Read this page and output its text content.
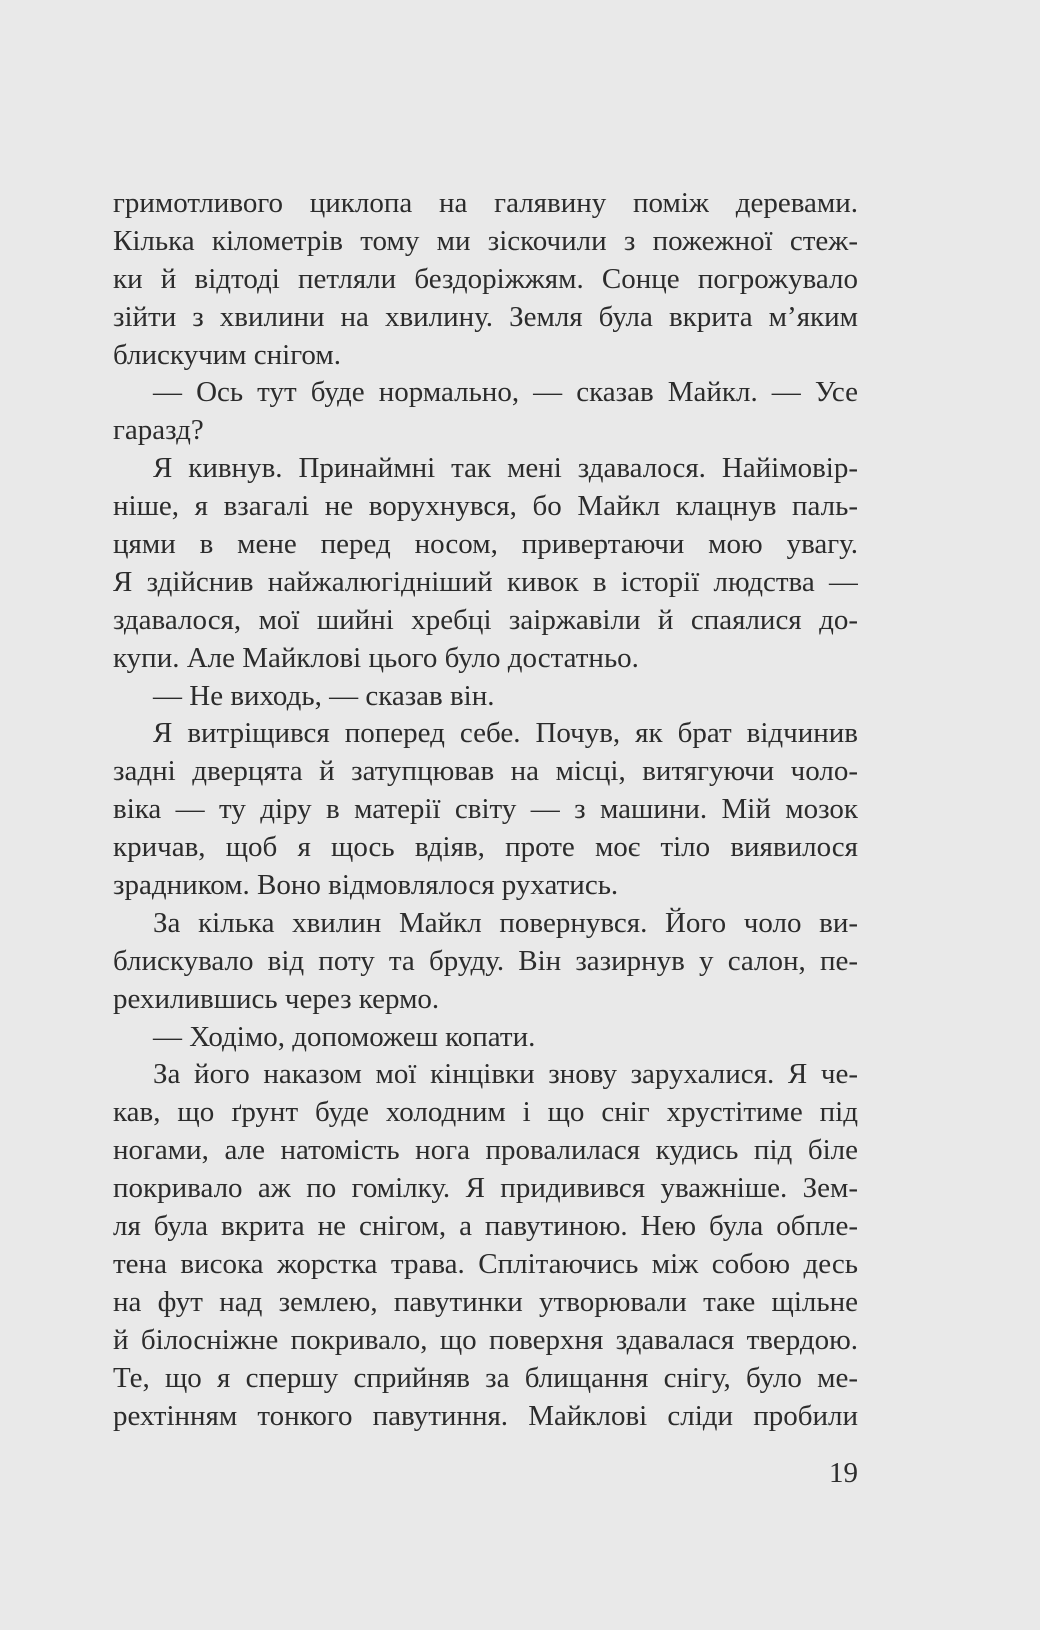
гримотливого циклопа на галявину поміж деревами.
Кілька кілометрів тому ми зіскочили з пожежної стеж-
ки й відтоді петляли бездоріжжям. Сонце погрожувало
зійти з хвилини на хвилину. Земля була вкрита м’яким
блискучим снігом.
— Ось тут буде нормально, — сказав Майкл. — Усе
гаразд?
Я кивнув. Принаймні так мені здавалося. Найімовір-
ніше, я взагалі не ворухнувся, бо Майкл клацнув паль-
цями в мене перед носом, привертаючи мою увагу.
Я здійснив найжалюгідніший кивок в історії людства —
здавалося, мої шийні хребці заіржавіли й спаялися до-
купи. Але Майклові цього було достатньо.
— Не виходь, — сказав він.
Я витріщився поперед себе. Почув, як брат відчинив
задні дверцята й затупцював на місці, витягуючи чоло-
віка — ту діру в матерії світу — з машини. Мій мозок
кричав, щоб я щось вдіяв, проте моє тіло виявилося
зрадником. Воно відмовлялося рухатись.
За кілька хвилин Майкл повернувся. Його чоло ви-
блискувало від поту та бруду. Він зазирнув у салон, пе-
рехилившись через кермо.
— Ходімо, допоможеш копати.
За його наказом мої кінцівки знову зарухалися. Я че-
кав, що ґрунт буде холодним і що сніг хрустітиме під
ногами, але натомість нога провалилася кудись під біле
покривало аж по гомілку. Я придивився уважніше. Зем-
ля була вкрита не снігом, а павутиною. Нею була обпле-
тена висока жорстка трава. Сплітаючись між собою десь
на фут над землею, павутинки утворювали таке щільне
й білосніжне покривало, що поверхня здавалася твердою.
Те, що я спершу сприйняв за блищання снігу, було ме-
рехтінням тонкого павутиння. Майклові сліди пробили
19
